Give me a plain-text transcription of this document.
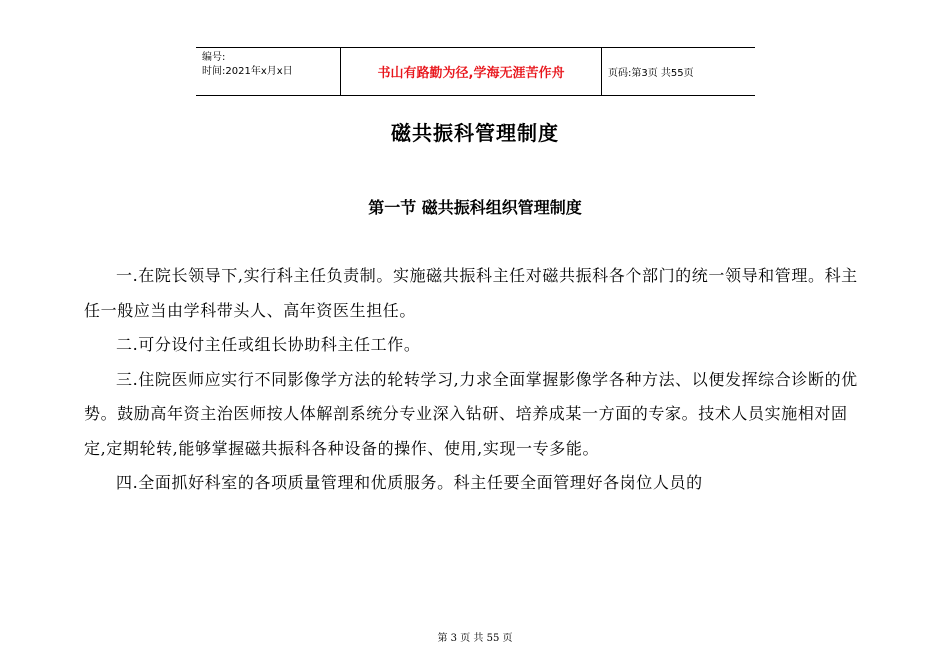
编号:
时间:2021年x月x日	书山有路勤为径,学海无涯苦作舟	页码:第3页 共55页
磁共振科管理制度
第一节 磁共振科组织管理制度

一.在院长领导下,实行科主任负责制。实施磁共振科主任对磁共振科各个部门的统一领导和管理。科主任一般应当由学科带头人、高年资医生担任。

二.可分设付主任或组长协助科主任工作。

三.住院医师应实行不同影像学方法的轮转学习,力求全面掌握影像学各种方法、以便发挥综合诊断的优势。鼓励高年资主治医师按人体解剖系统分专业深入钻研、培养成某一方面的专家。技术人员实施相对固定,定期轮转,能够掌握磁共振科各种设备的操作、使用,实现一专多能。

四.全面抓好科室的各项质量管理和优质服务。科主任要全面管理好各岗位人员的

第 3 页 共 55 页
